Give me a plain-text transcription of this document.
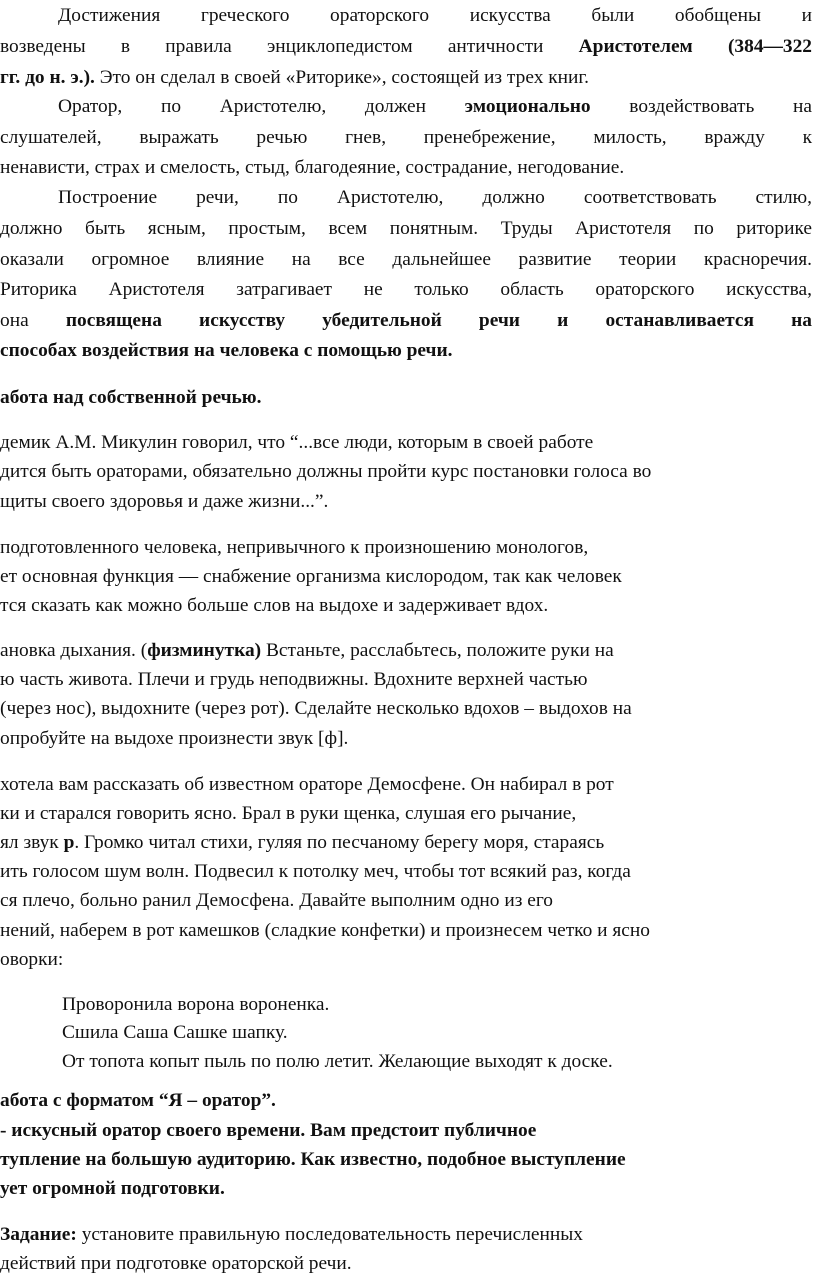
Достижения греческого ораторского искусства были обобщены и
возведены в правила энциклопедистом античности Аристотелем (384—322
гг. до н. э.). Это он сделал в своей «Риторике», состоящей из трех книг.
Оратор, по Аристотелю, должен эмоционально воздействовать на
слушателей, выражать речью гнев, пренебрежение, милость, вражду к
ненависти, страх и смелость, стыд, благодеяние, сострадание, негодование.
Построение речи, по Аристотелю, должно соответствовать стилю,
должно быть ясным, простым, всем понятным. Труды Аристотеля по риторике
оказали огромное влияние на все дальнейшее развитие теории красноречия.
Риторика Аристотеля затрагивает не только область ораторского искусства,
она посвящена искусству убедительной речи и останавливается на
способах воздействия на человека с помощью речи.
абота над собственной речью.
демик А.М. Микулин говорил, что “...все люди, которым в своей работе
дится быть ораторами, обязательно должны пройти курс постановки голоса во
щиты своего здоровья и даже жизни...”.
подготовленного человека, непривычного к произношению монологов,
ет основная функция — снабжение организма кислородом, так как человек
тся сказать как можно больше слов на выдохе и задерживает вдох.
ановка дыхания. (физминутка) Встаньте, расслабьтесь, положите руки на
ю часть живота. Плечи и грудь неподвижны. Вдохните верхней частью
(через нос), выдохните (через рот). Сделайте несколько вдохов – выдохов на
опробуйте на выдохе произнести звук [ф].
хотела вам рассказать об известном ораторе Демосфене. Он набирал в рот
ки и старался говорить ясно. Брал в руки щенка, слушая его рычание,
ял звук р. Громко читал стихи, гуляя по песчаному берегу моря, стараясь
ить голосом шум волн. Подвесил к потолку меч, чтобы тот всякий раз, когда
ся плечо, больно ранил Демосфена. Давайте выполним одно из его
нений, наберем в рот камешков (сладкие конфетки) и произнесем четко и ясно
оворки:
Проворонила ворона вороненка.
Сшила Саша Сашке шапку.
От топота копыт пыль по полю летит. Желающие выходят к доске.
абота с форматом “Я – оратор”.
- искусный оратор своего времени. Вам предстоит публичное
тупление на большую аудиторию. Как известно, подобное выступление
ует огромной подготовки.
Задание: установите правильную последовательность перечисленных
действий при подготовке ораторской речи.
